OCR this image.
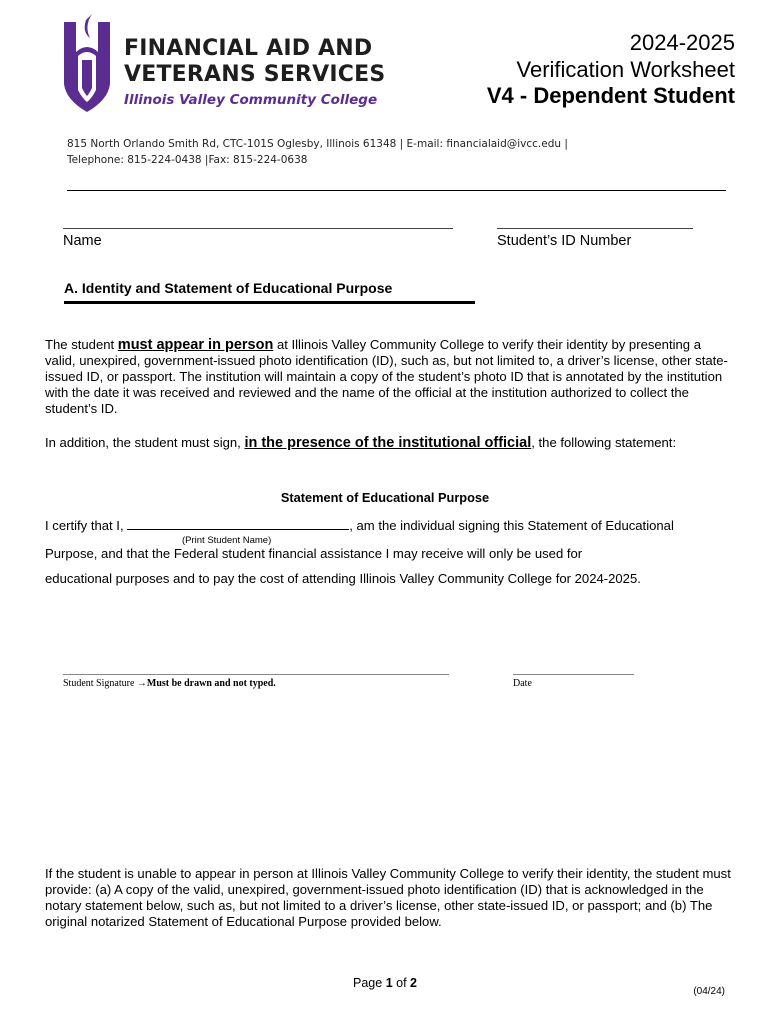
FINANCIAL AID AND
VETERANS SERVICES
Illinois Valley Community College
2024-2025
Verification Worksheet
V4 - Dependent Student
815 North Orlando Smith Rd, CTC-101S Oglesby, Illinois 61348 | E-mail: financialaid@ivcc.edu |
Telephone: 815-224-0438 |Fax: 815-224-0638
Name	Student’s ID Number
A. Identity and Statement of Educational Purpose
The student must appear in person at Illinois Valley Community College to verify their identity by presenting a valid, unexpired, government-issued photo identification (ID), such as, but not limited to, a driver’s license, other state-issued ID, or passport. The institution will maintain a copy of the student’s photo ID that is annotated by the institution with the date it was received and reviewed and the name of the official at the institution authorized to collect the student’s ID.
In addition, the student must sign, in the presence of the institutional official, the following statement:
Statement of Educational Purpose
I certify that I,	, am the individual signing this Statement of Educational
(Print Student Name)
Purpose, and that the Federal student financial assistance I may receive will only be used for
educational purposes and to pay the cost of attending Illinois Valley Community College for 2024-2025.
Student Signature →Must be drawn and not typed.	Date
If the student is unable to appear in person at Illinois Valley Community College to verify their identity, the student must provide: (a) A copy of the valid, unexpired, government-issued photo identification (ID) that is acknowledged in the notary statement below, such as, but not limited to a driver’s license, other state-issued ID, or passport; and (b) The original notarized Statement of Educational Purpose provided below.
Page 1 of 2
(04/24)
